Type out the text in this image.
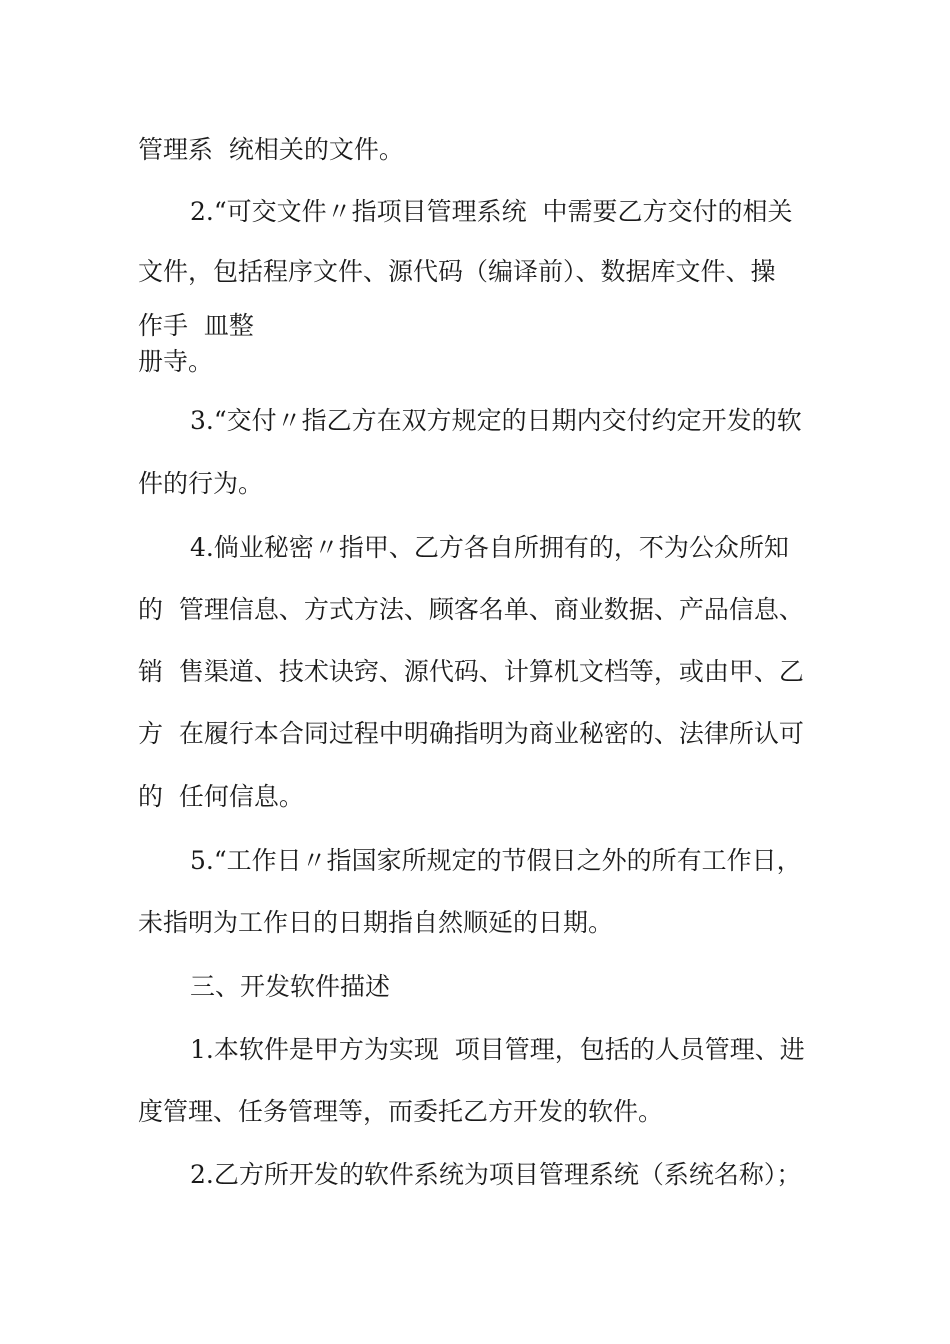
管理系  统相关的文件。

2.“可交文件〃指项目管理系统  中需要乙方交付的相关

文件，包括程序文件、源代码（编译前）、数据库文件、操

作手  皿整

册寺。

3.“交付〃指乙方在双方规定的日期内交付约定开发的软

件的行为。

4.倘业秘密〃指甲、乙方各自所拥有的，不为公众所知

的  管理信息、方式方法、顾客名单、商业数据、产品信息、

销  售渠道、技术诀窍、源代码、计算机文档等，或由甲、乙

方  在履行本合同过程中明确指明为商业秘密的、法律所认可

的  任何信息。

5.“工作日〃指国家所规定的节假日之外的所有工作日，

未指明为工作日的日期指自然顺延的日期。

三、开发软件描述

1.本软件是甲方为实现  项目管理，包括的人员管理、进

度管理、任务管理等，而委托乙方开发的软件。

2.乙方所开发的软件系统为项目管理系统（系统名称）；
